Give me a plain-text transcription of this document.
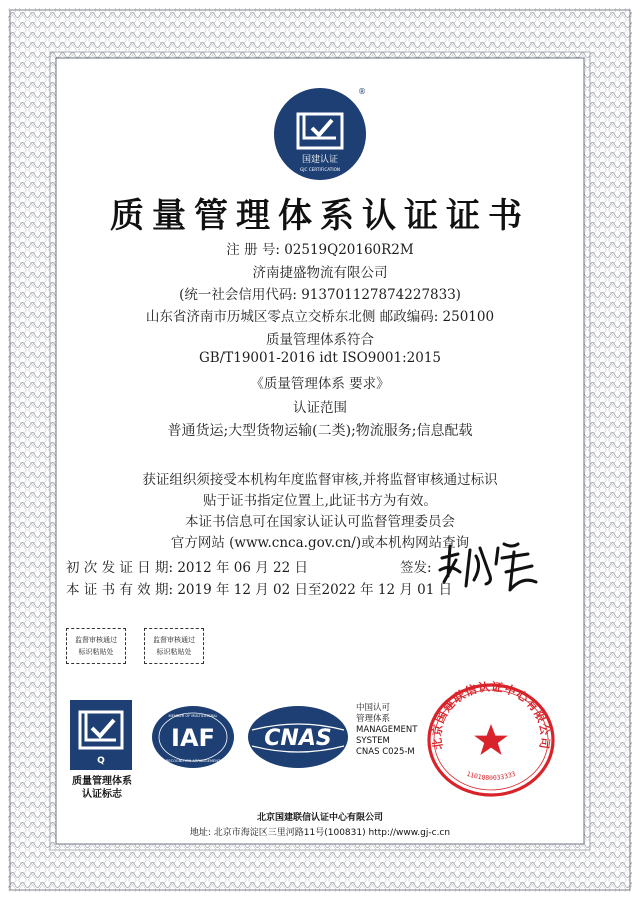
国建认证
GJC CERTIFICATION
®
质量管理体系认证证书
注 册 号: 02519Q20160R2M
济南捷盛物流有限公司
(统一社会信用代码: 91370112787422783З)
山东省济南市历城区零点立交桥东北侧 邮政编码: 250100
质量管理体系符合
GB/T19001-2016 idt ISO9001:2015
《质量管理体系 要求》
认证范围
普通货运;大型货物运输(二类);物流服务;信息配载
获证组织须接受本机构年度监督审核,并将监督审核通过标识
贴于证书指定位置上,此证书方为有效。
本证书信息可在国家认证认可监督管理委员会
官方网站 (www.cnca.gov.cn/)或本机构网站查询
初 次 发 证 日 期: 2012 年 06 月 22 日
本 证 书 有 效 期: 2019 年 12 月 02 日至2022 年 12 月 01 日
签发:
监督审核通过
标识粘贴处
监督审核通过
标识粘贴处
Q
质量管理体系
认证标志
IAF
MEMBER OF MULTILATERAL
RECOGNITION ARRANGEMENT
CNAS
中国认可
管理体系
MANAGEMENT
SYSTEM
CNAS C025-M
北京国建联信认证中心有限公司
1101080033333
北京国建联信认证中心有限公司
地址: 北京市海淀区三里河路11号(100831) http://www.gj-c.cn
